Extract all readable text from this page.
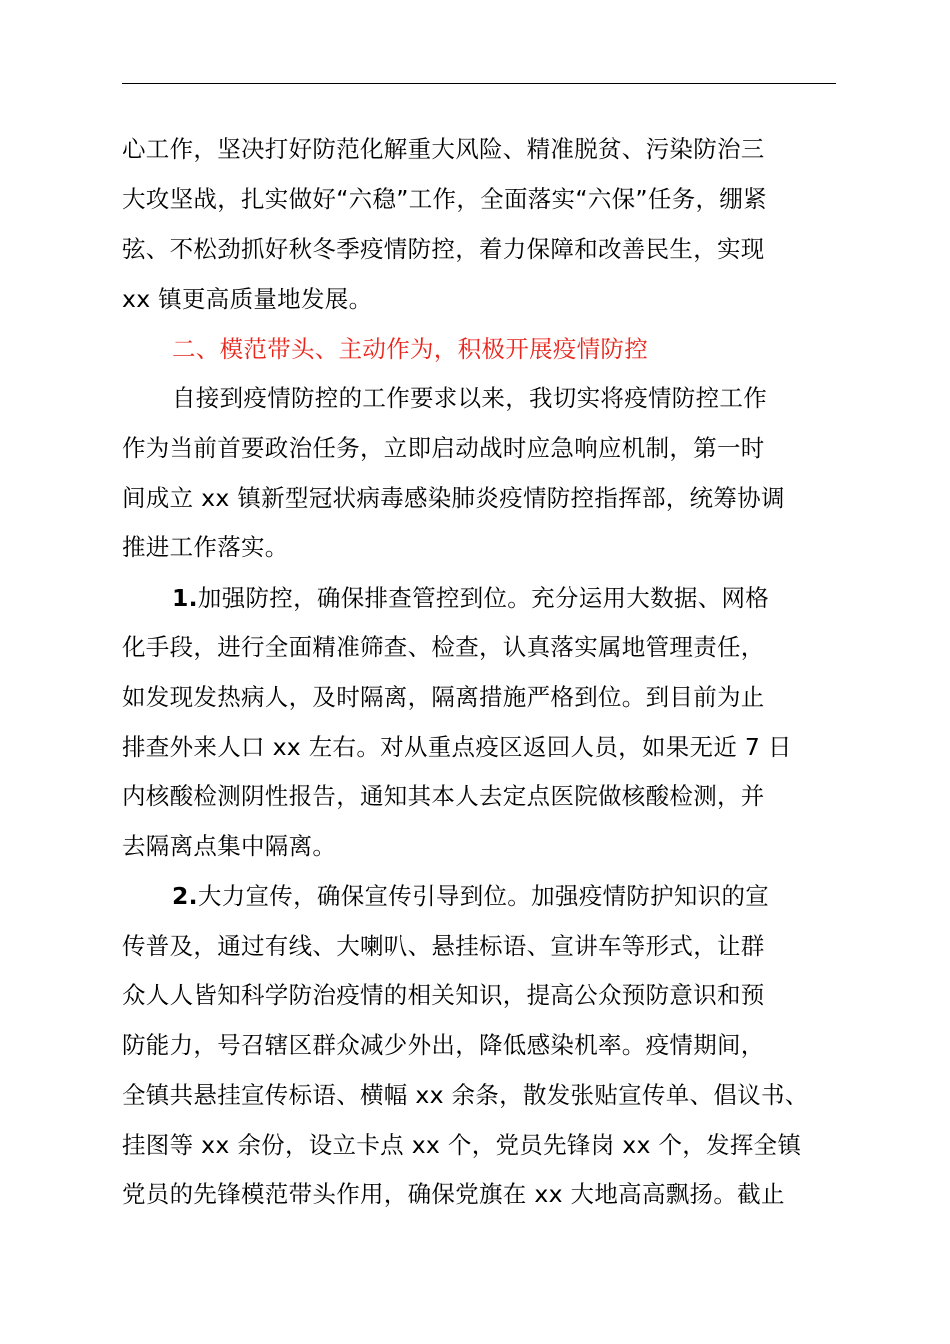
心工作，坚决打好防范化解重大风险、精准脱贫、污染防治三
大攻坚战，扎实做好“六稳”工作，全面落实“六保”任务，绷紧
弦、不松劲抓好秋冬季疫情防控，着力保障和改善民生，实现
xx 镇更高质量地发展。
二、模范带头、主动作为，积极开展疫情防控
自接到疫情防控的工作要求以来，我切实将疫情防控工作
作为当前首要政治任务，立即启动战时应急响应机制，第一时
间成立 xx 镇新型冠状病毒感染肺炎疫情防控指挥部，统筹协调
推进工作落实。
1.加强防控，确保排查管控到位。充分运用大数据、网格
化手段，进行全面精准筛查、检查，认真落实属地管理责任，
如发现发热病人，及时隔离，隔离措施严格到位。到目前为止
排查外来人口 xx 左右。对从重点疫区返回人员，如果无近 7 日
内核酸检测阴性报告，通知其本人去定点医院做核酸检测，并
去隔离点集中隔离。
2.大力宣传，确保宣传引导到位。加强疫情防护知识的宣
传普及，通过有线、大喇叭、悬挂标语、宣讲车等形式，让群
众人人皆知科学防治疫情的相关知识，提高公众预防意识和预
防能力，号召辖区群众减少外出，降低感染机率。疫情期间，
全镇共悬挂宣传标语、横幅 xx 余条，散发张贴宣传单、倡议书、
挂图等 xx 余份，设立卡点 xx 个，党员先锋岗 xx 个，发挥全镇
党员的先锋模范带头作用，确保党旗在 xx 大地高高飘扬。截止
